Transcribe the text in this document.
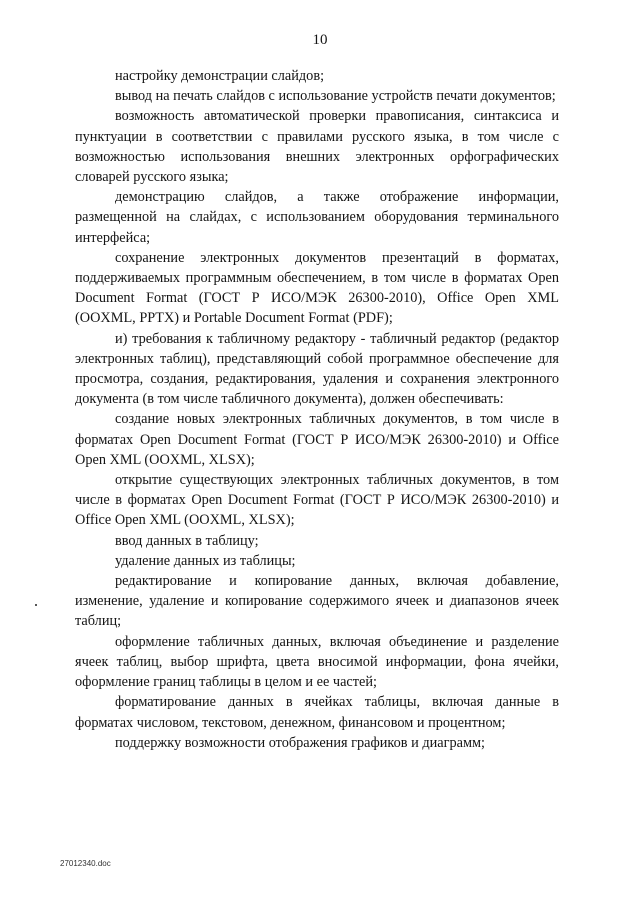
10

настройку демонстрации слайдов;

вывод на печать слайдов с использование устройств печати документов;

возможность автоматической проверки правописания, синтаксиса и пунктуации в соответствии с правилами русского языка, в том числе с возможностью использования внешних электронных орфографических словарей русского языка;

демонстрацию слайдов, а также отображение информации, размещенной на слайдах, с использованием оборудования терминального интерфейса;

сохранение электронных документов презентаций в форматах, поддерживаемых программным обеспечением, в том числе в форматах Open Document Format (ГОСТ Р ИСО/МЭК 26300-2010), Office Open XML (OOXML, PPTX) и Portable Document Format (PDF);

и) требования к табличному редактору - табличный редактор (редактор электронных таблиц), представляющий собой программное обеспечение для просмотра, создания, редактирования, удаления и сохранения электронного документа (в том числе табличного документа), должен обеспечивать:

создание новых электронных табличных документов, в том числе в форматах Open Document Format (ГОСТ Р ИСО/МЭК 26300-2010) и Office Open XML (OOXML, XLSX);

открытие существующих электронных табличных документов, в том числе в форматах Open Document Format (ГОСТ Р ИСО/МЭК 26300-2010) и Office Open XML (OOXML, XLSX);

ввод данных в таблицу;

удаление данных из таблицы;

редактирование и копирование данных, включая добавление, изменение, удаление и копирование содержимого ячеек и диапазонов ячеек таблиц;

оформление табличных данных, включая объединение и разделение ячеек таблиц, выбор шрифта, цвета вносимой информации, фона ячейки, оформление границ таблицы в целом и ее частей;

форматирование данных в ячейках таблицы, включая данные в форматах числовом, текстовом, денежном, финансовом и процентном;

поддержку возможности отображения графиков и диаграмм;

27012340.doc
